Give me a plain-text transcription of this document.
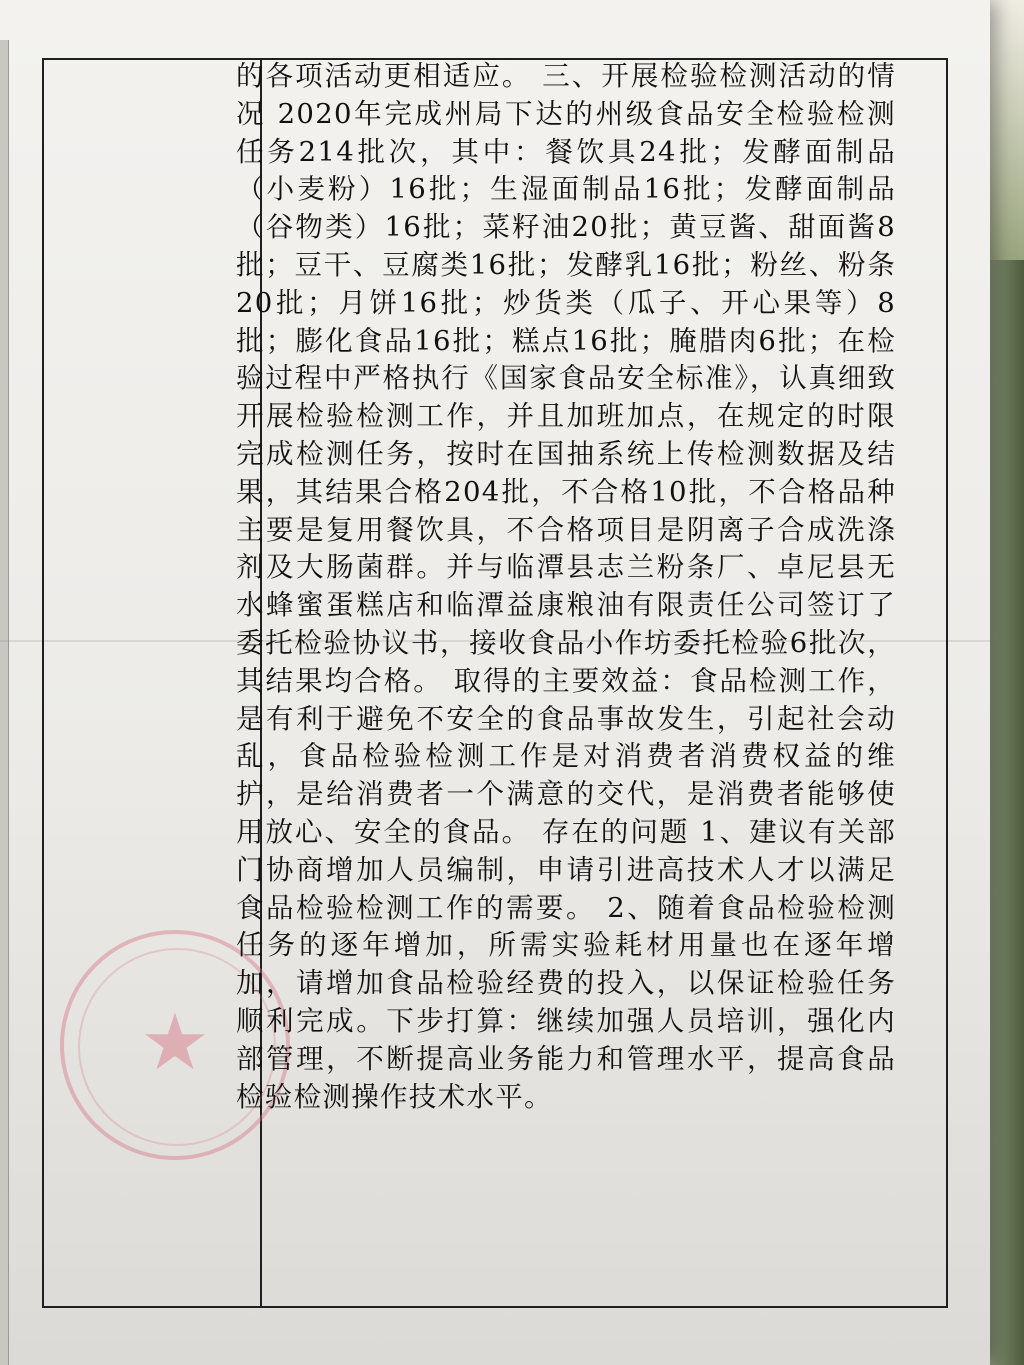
★

的各项活动更相适应。 三、开展检验检测活动的情况 2020年完成州局下达的州级食品安全检验检测任务214批次，其中：餐饮具24批；发酵面制品（小麦粉）16批；生湿面制品16批；发酵面制品（谷物类）16批；菜籽油20批；黄豆酱、甜面酱8批；豆干、豆腐类16批；发酵乳16批；粉丝、粉条20批；月饼16批；炒货类（瓜子、开心果等）8批；膨化食品16批；糕点16批；腌腊肉6批；在检验过程中严格执行《国家食品安全标准》，认真细致开展检验检测工作，并且加班加点，在规定的时限完成检测任务，按时在国抽系统上传检测数据及结果，其结果合格204批，不合格10批，不合格品种主要是复用餐饮具，不合格项目是阴离子合成洗涤剂及大肠菌群。并与临潭县志兰粉条厂、卓尼县无水蜂蜜蛋糕店和临潭益康粮油有限责任公司签订了委托检验协议书，接收食品小作坊委托检验6批次，其结果均合格。 取得的主要效益：食品检测工作，是有利于避免不安全的食品事故发生，引起社会动乱，食品检验检测工作是对消费者消费权益的维护，是给消费者一个满意的交代，是消费者能够使用放心、安全的食品。 存在的问题 1、建议有关部门协商增加人员编制，申请引进高技术人才以满足食品检验检测工作的需要。 2、随着食品检验检测任务的逐年增加，所需实验耗材用量也在逐年增加，请增加食品检验经费的投入，以保证检验任务顺利完成。下步打算：继续加强人员培训，强化内部管理，不断提高业务能力和管理水平，提高食品检验检测操作技术水平。
